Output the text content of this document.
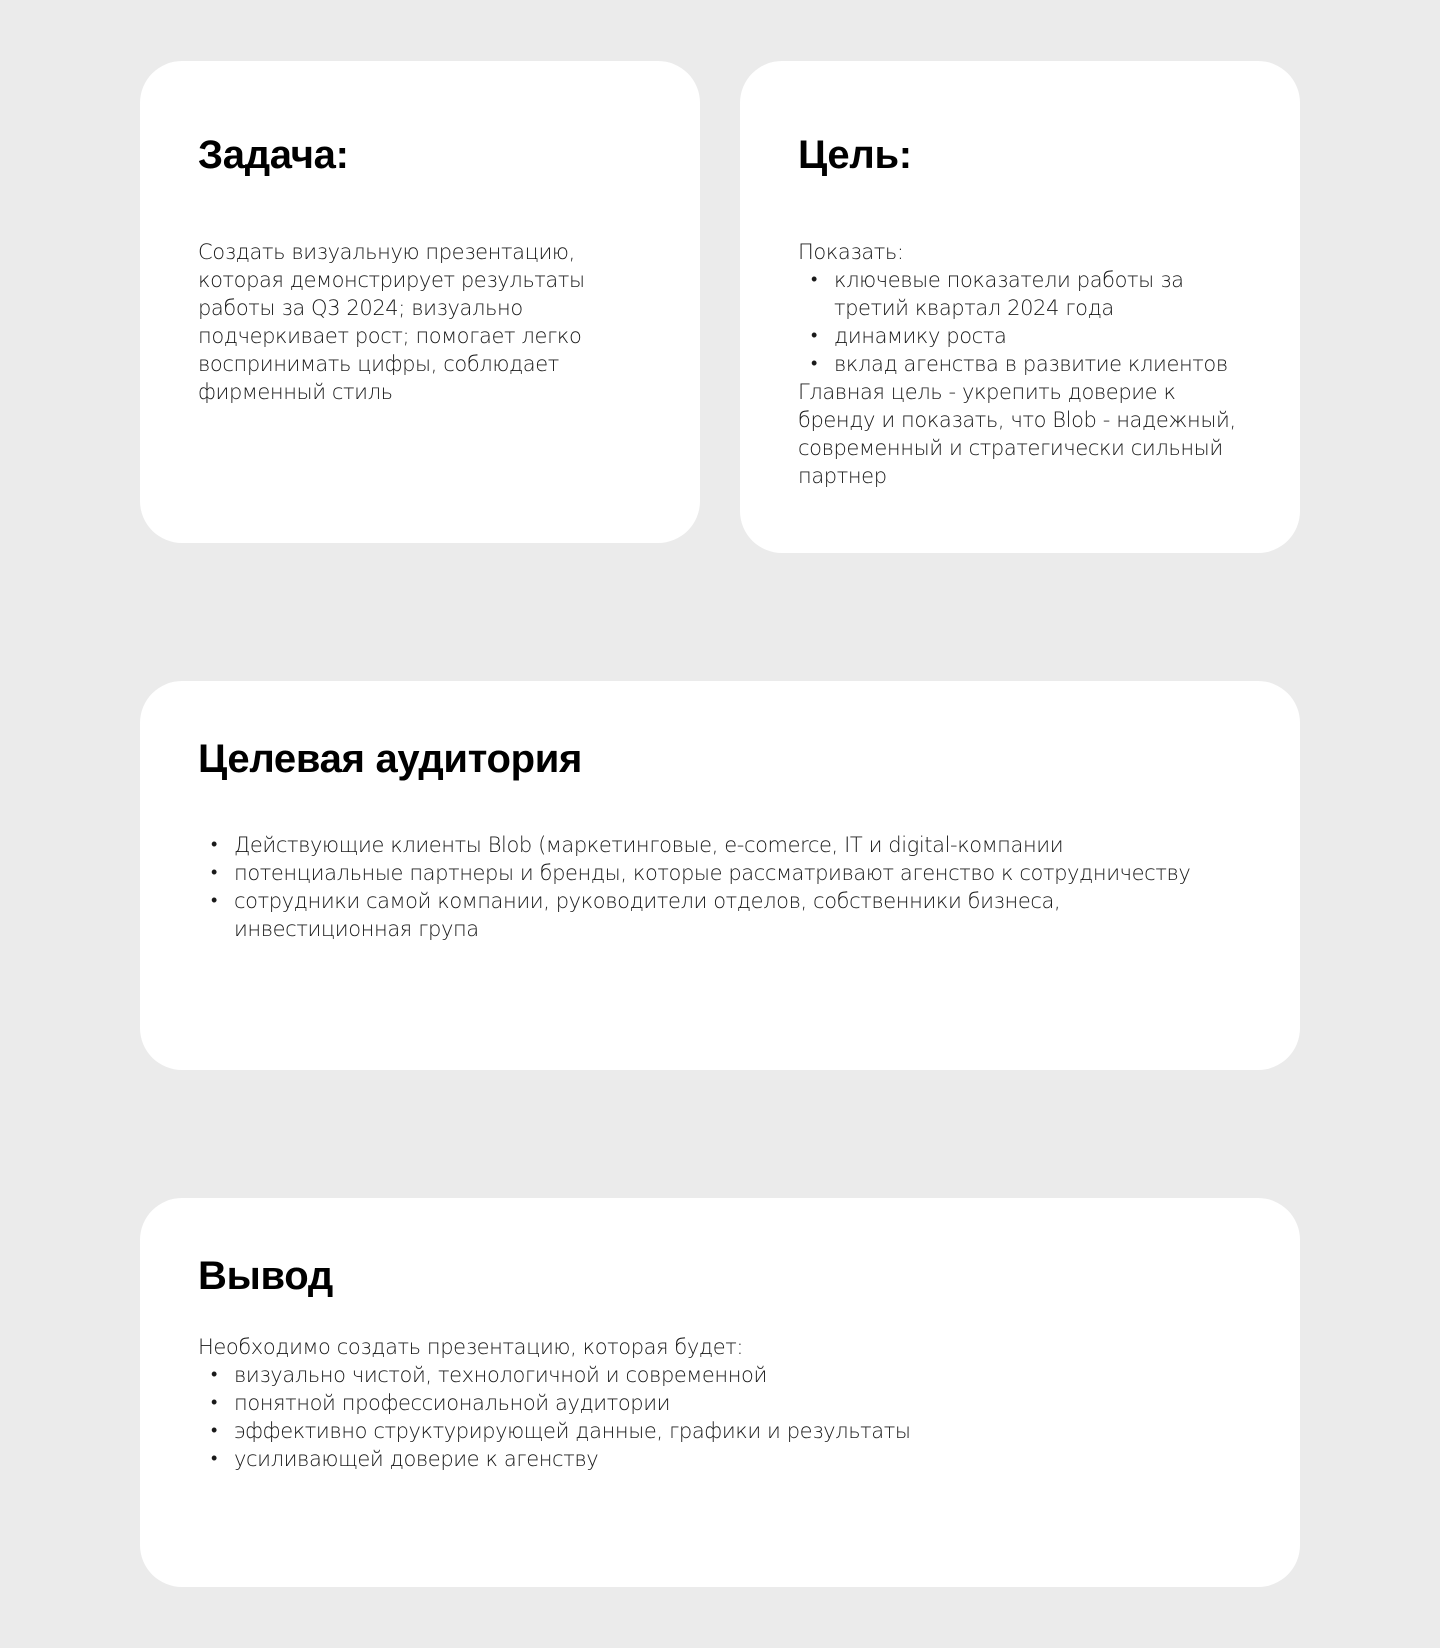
Задача:

Создать визуальную презентацию, которая демонстрирует результаты работы за Q3 2024; визуально подчеркивает рост; помогает легко воспринимать цифры, соблюдает фирменный стиль

Цель:

Показать:

• ключевые показатели работы за третий квартал 2024 года
• динамику роста
• вклад агенства в развитие клиентов

Главная цель - укрепить доверие к бренду и показать, что Blob - надежный, современный и стратегически сильный партнер

Целевая аудитория
• Действующие клиенты Blob (маркетинговые, e-comerce, IT и digital-компании
• потенциальные партнеры и бренды, которые рассматривают агенство к сотрудничеству
• сотрудники самой компании, руководители отделов, собственники бизнеса, инвестиционная група
Вывод

Необходимо создать презентацию, которая будет:

• визуально чистой, технологичной и современной
• понятной профессиональной аудитории
• эффективно структурирующей данные, графики и результаты
• усиливающей доверие к агенству
